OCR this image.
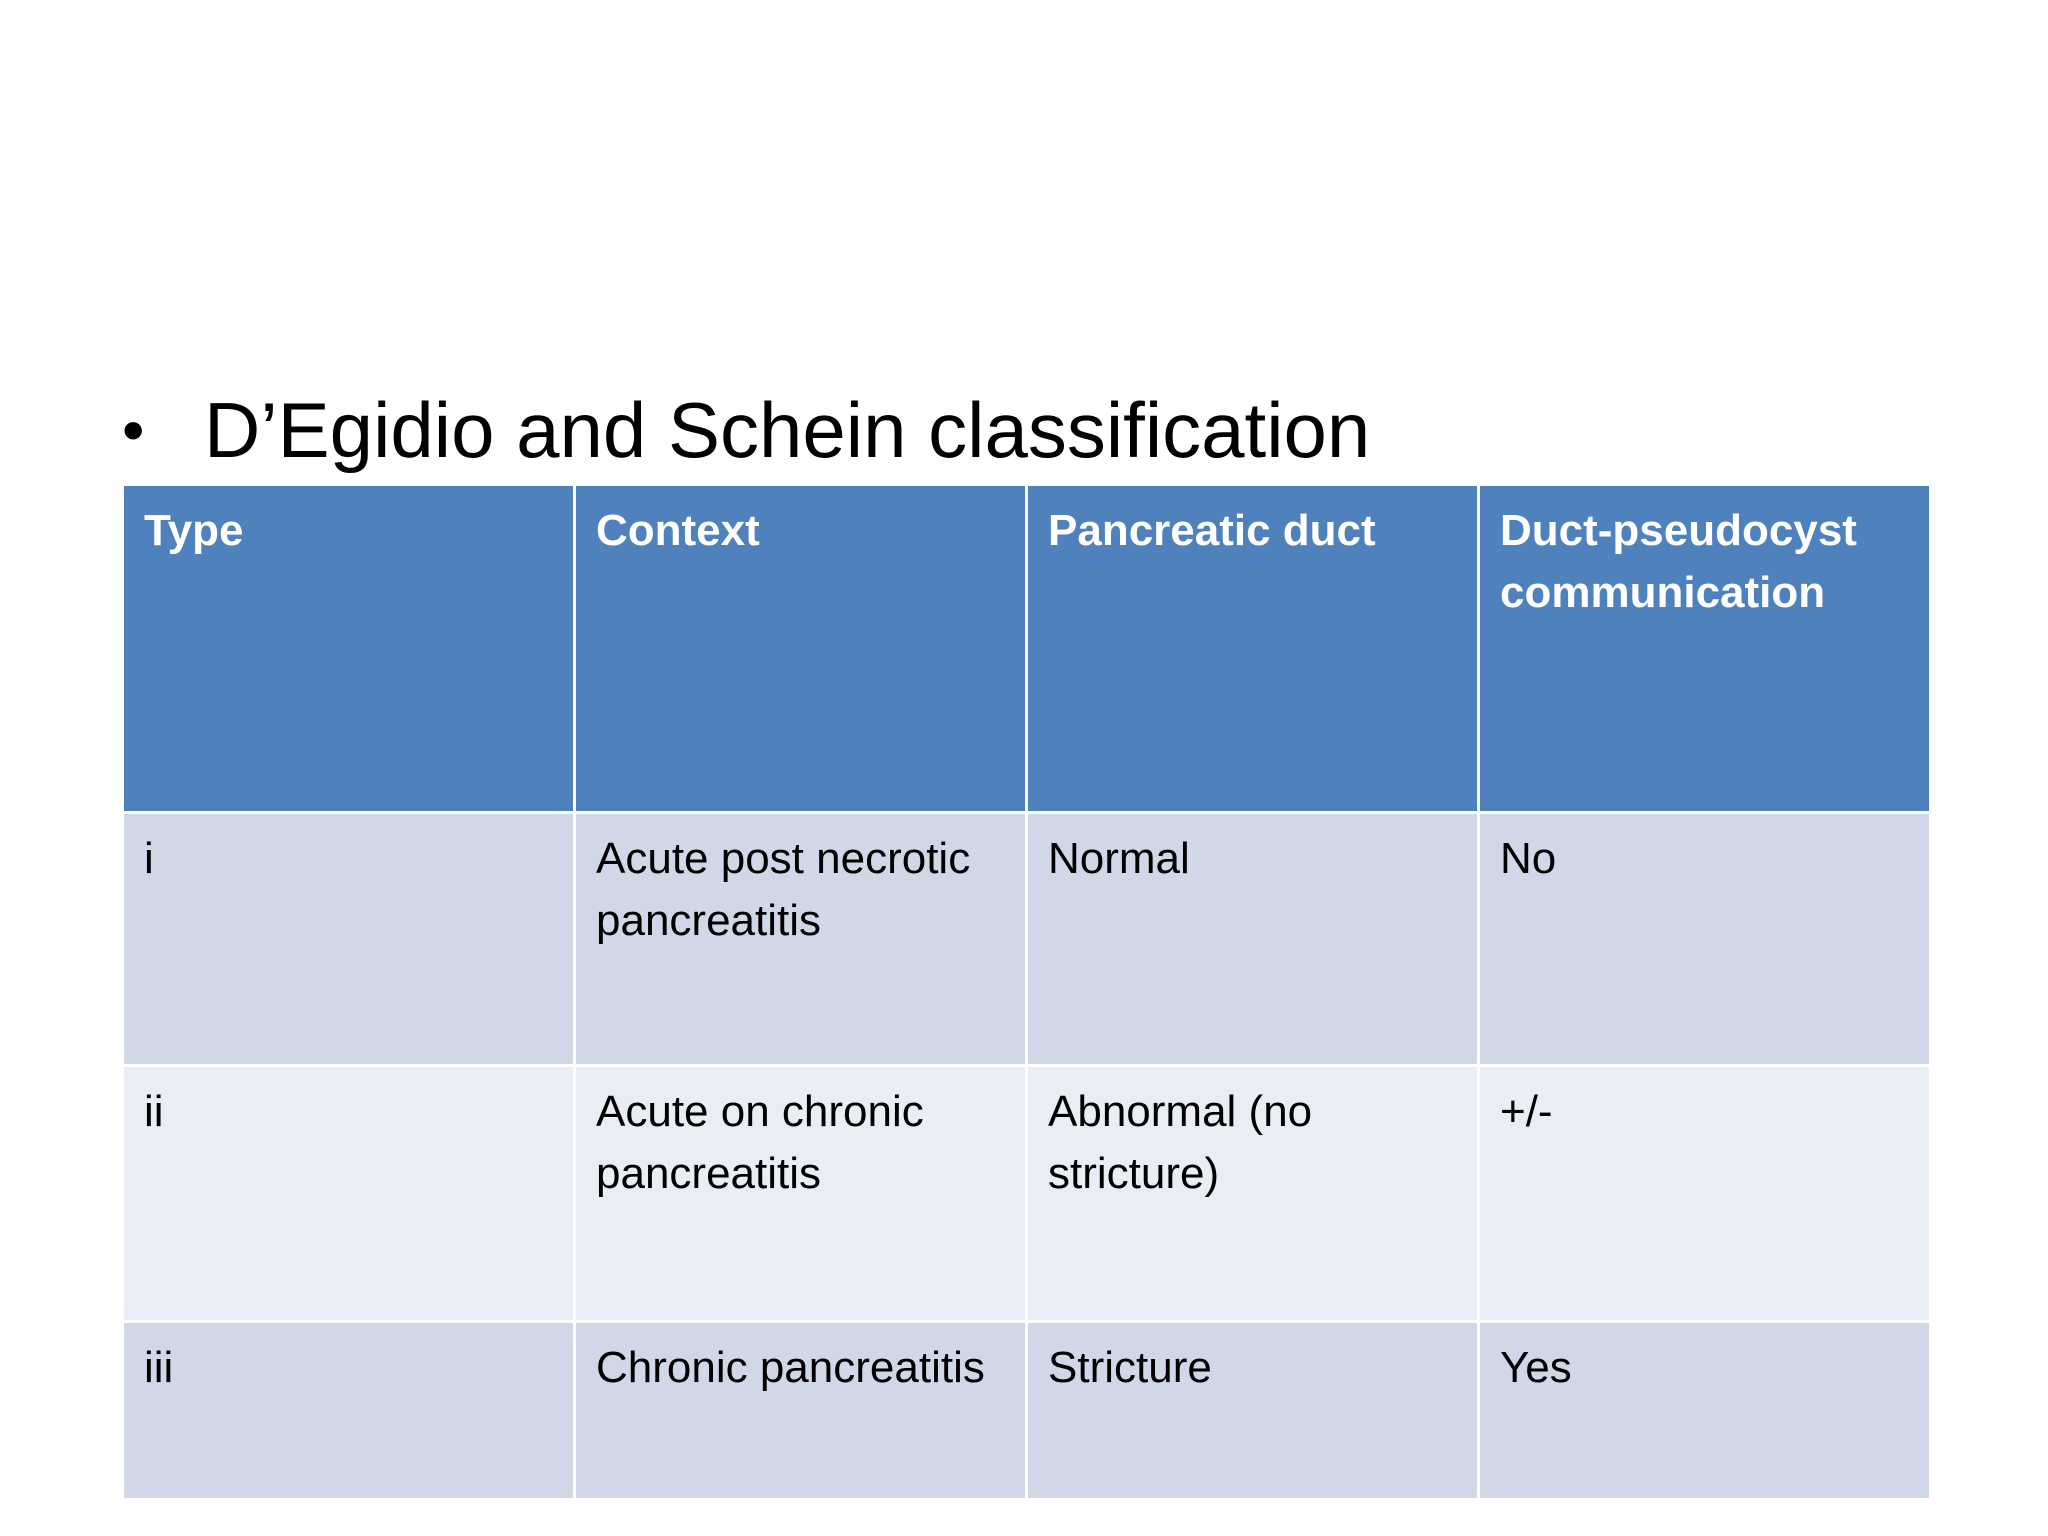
• D’Egidio and Schein classification
Type	Context	Pancreatic duct	Duct-pseudocyst communication
i	Acute post necrotic pancreatitis	Normal	No
ii	Acute on chronic pancreatitis	Abnormal (no stricture)	+/-
iii	Chronic pancreatitis	Stricture	Yes
